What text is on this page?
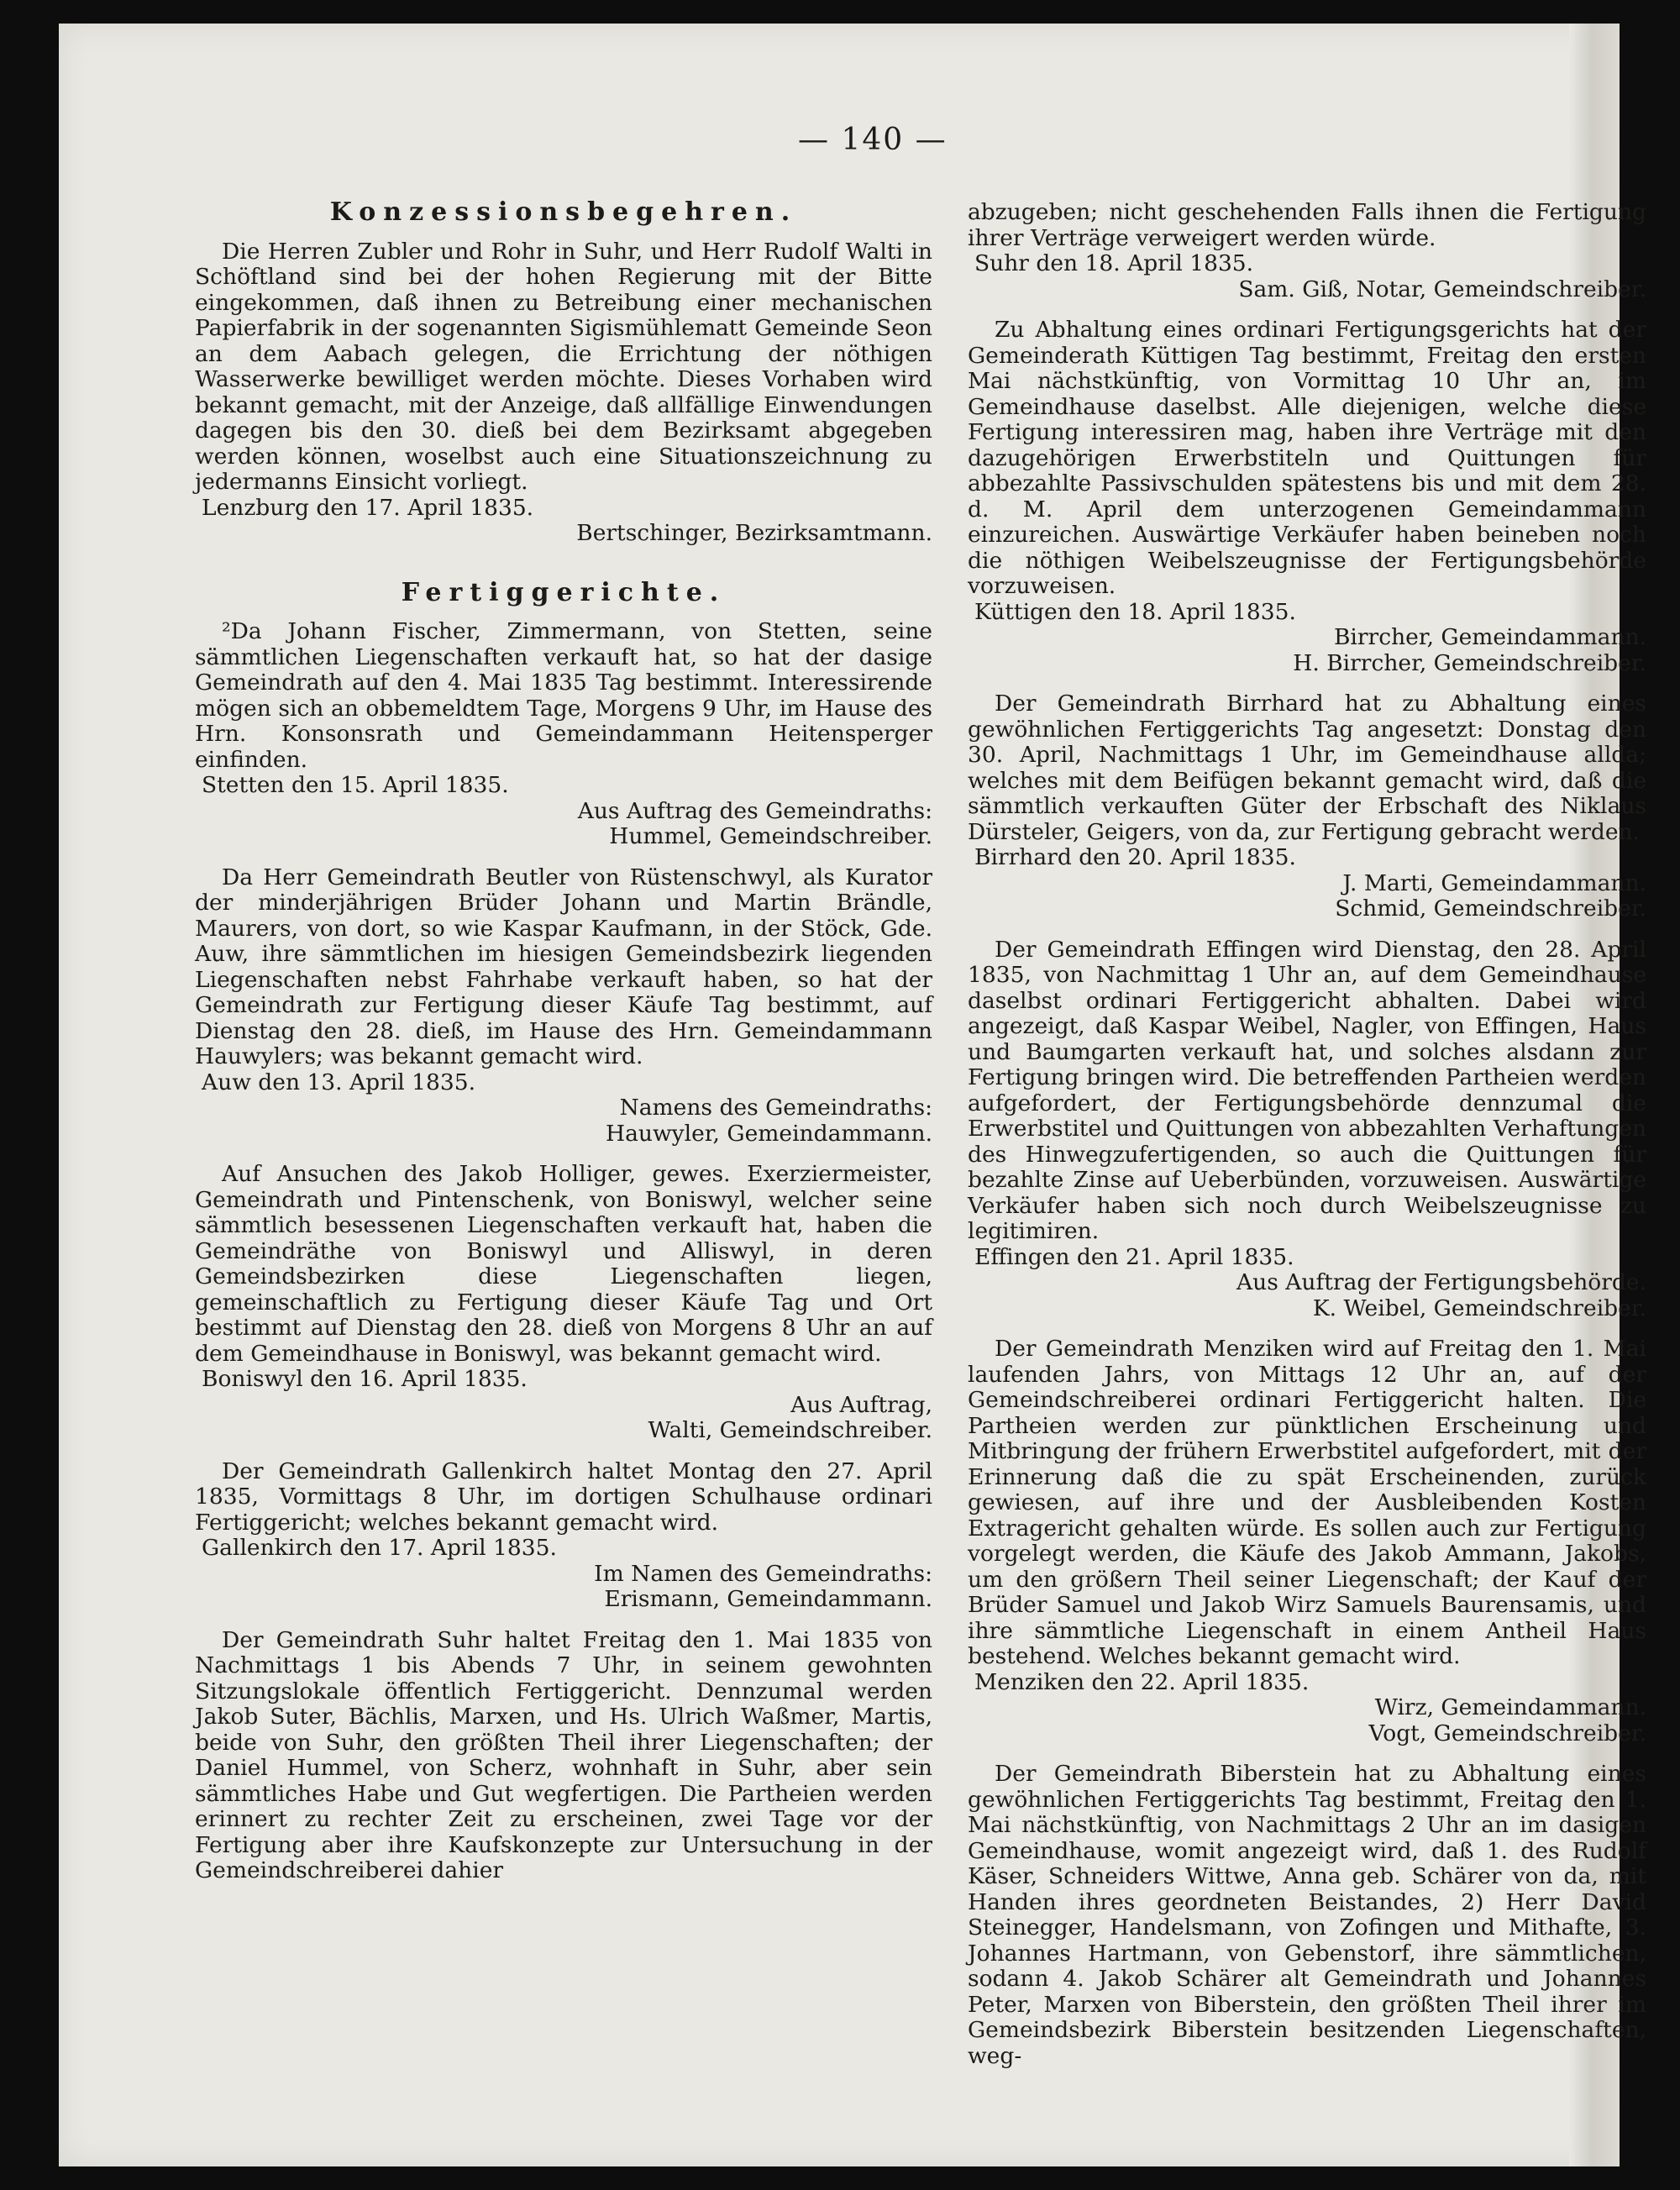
— 140 —
Konzessionsbegehren.

Die Herren Zubler und Rohr in Suhr, und Herr Rudolf Walti in Schöftland sind bei der hohen Regierung mit der Bitte eingekommen, daß ihnen zu Betreibung einer mechanischen Papierfabrik in der sogenannten Sigismühlematt Gemeinde Seon an dem Aabach gelegen, die Errichtung der nöthigen Wasserwerke bewilliget werden möchte. Dieses Vorhaben wird bekannt gemacht, mit der Anzeige, daß allfällige Einwendungen dagegen bis den 30. dieß bei dem Bezirksamt abgegeben werden können, woselbst auch eine Situationszeichnung zu jedermanns Einsicht vorliegt.

Lenzburg den 17. April 1835.

Bertschinger, Bezirksamtmann.

Fertiggerichte.

²Da Johann Fischer, Zimmermann, von Stetten, seine sämmtlichen Liegenschaften verkauft hat, so hat der dasige Gemeindrath auf den 4. Mai 1835 Tag bestimmt. Interessirende mögen sich an obbemeldtem Tage, Morgens 9 Uhr, im Hause des Hrn. Konsonsrath und Gemeindammann Heitensperger einfinden.

Stetten den 15. April 1835.

Aus Auftrag des Gemeindraths:

Hummel, Gemeindschreiber.

Da Herr Gemeindrath Beutler von Rüstenschwyl, als Kurator der minderjährigen Brüder Johann und Martin Brändle, Maurers, von dort, so wie Kaspar Kaufmann, in der Stöck, Gde. Auw, ihre sämmtlichen im hiesigen Gemeindsbezirk liegenden Liegenschaften nebst Fahrhabe verkauft haben, so hat der Gemeindrath zur Fertigung dieser Käufe Tag bestimmt, auf Dienstag den 28. dieß, im Hause des Hrn. Gemeindammann Hauwylers; was bekannt gemacht wird.

Auw den 13. April 1835.

Namens des Gemeindraths:

Hauwyler, Gemeindammann.

Auf Ansuchen des Jakob Holliger, gewes. Exerziermeister, Gemeindrath und Pintenschenk, von Boniswyl, welcher seine sämmtlich besessenen Liegenschaften verkauft hat, haben die Gemeindräthe von Boniswyl und Alliswyl, in deren Gemeindsbezirken diese Liegenschaften liegen, gemeinschaftlich zu Fertigung dieser Käufe Tag und Ort bestimmt auf Dienstag den 28. dieß von Morgens 8 Uhr an auf dem Gemeindhause in Boniswyl, was bekannt gemacht wird.

Boniswyl den 16. April 1835.

Aus Auftrag,

Walti, Gemeindschreiber.

Der Gemeindrath Gallenkirch haltet Montag den 27. April 1835, Vormittags 8 Uhr, im dortigen Schulhause ordinari Fertiggericht; welches bekannt gemacht wird.

Gallenkirch den 17. April 1835.

Im Namen des Gemeindraths:

Erismann, Gemeindammann.

Der Gemeindrath Suhr haltet Freitag den 1. Mai 1835 von Nachmittags 1 bis Abends 7 Uhr, in seinem gewohnten Sitzungslokale öffentlich Fertiggericht. Dennzumal werden Jakob Suter, Bächlis, Marxen, und Hs. Ulrich Waßmer, Martis, beide von Suhr, den größten Theil ihrer Liegenschaften; der Daniel Hummel, von Scherz, wohnhaft in Suhr, aber sein sämmtliches Habe und Gut wegfertigen. Die Partheien werden erinnert zu rechter Zeit zu erscheinen, zwei Tage vor der Fertigung aber ihre Kaufskonzepte zur Untersuchung in der Gemeindschreiberei dahier

abzugeben; nicht geschehenden Falls ihnen die Fertigung ihrer Verträge verweigert werden würde.

Suhr den 18. April 1835.

Sam. Giß, Notar, Gemeindschreiber.

Zu Abhaltung eines ordinari Fertigungsgerichts hat der Gemeinderath Küttigen Tag bestimmt, Freitag den ersten Mai nächstkünftig, von Vormittag 10 Uhr an, im Gemeindhause daselbst. Alle diejenigen, welche diese Fertigung interessiren mag, haben ihre Verträge mit den dazugehörigen Erwerbstiteln und Quittungen für abbezahlte Passivschulden spätestens bis und mit dem 28. d. M. April dem unterzogenen Gemeindammann einzureichen. Auswärtige Verkäufer haben beineben noch die nöthigen Weibelszeugnisse der Fertigungsbehörde vorzuweisen.

Küttigen den 18. April 1835.

Birrcher, Gemeindammann.

H. Birrcher, Gemeindschreiber.

Der Gemeindrath Birrhard hat zu Abhaltung eines gewöhnlichen Fertiggerichts Tag angesetzt: Donstag den 30. April, Nachmittags 1 Uhr, im Gemeindhause allda; welches mit dem Beifügen bekannt gemacht wird, daß die sämmtlich verkauften Güter der Erbschaft des Niklaus Dürsteler, Geigers, von da, zur Fertigung gebracht werden.

Birrhard den 20. April 1835.

J. Marti, Gemeindammann.

Schmid, Gemeindschreiber.

Der Gemeindrath Effingen wird Dienstag, den 28. April 1835, von Nachmittag 1 Uhr an, auf dem Gemeindhause daselbst ordinari Fertiggericht abhalten. Dabei wird angezeigt, daß Kaspar Weibel, Nagler, von Effingen, Haus und Baumgarten verkauft hat, und solches alsdann zur Fertigung bringen wird. Die betreffenden Partheien werden aufgefordert, der Fertigungsbehörde dennzumal die Erwerbstitel und Quittungen von abbezahlten Verhaftungen des Hinwegzufertigenden, so auch die Quittungen für bezahlte Zinse auf Ueberbünden, vorzuweisen. Auswärtige Verkäufer haben sich noch durch Weibelszeugnisse zu legitimiren.

Effingen den 21. April 1835.

Aus Auftrag der Fertigungsbehörde.

K. Weibel, Gemeindschreiber.

Der Gemeindrath Menziken wird auf Freitag den 1. Mai laufenden Jahrs, von Mittags 12 Uhr an, auf der Gemeindschreiberei ordinari Fertiggericht halten. Die Partheien werden zur pünktlichen Erscheinung und Mitbringung der frühern Erwerbstitel aufgefordert, mit der Erinnerung daß die zu spät Erscheinenden, zurück gewiesen, auf ihre und der Ausbleibenden Kosten Extragericht gehalten würde. Es sollen auch zur Fertigung vorgelegt werden, die Käufe des Jakob Ammann, Jakobs, um den größern Theil seiner Liegenschaft; der Kauf der Brüder Samuel und Jakob Wirz Samuels Baurensamis, und ihre sämmtliche Liegenschaft in einem Antheil Haus bestehend. Welches bekannt gemacht wird.

Menziken den 22. April 1835.

Wirz, Gemeindammann.

Vogt, Gemeindschreiber.

Der Gemeindrath Biberstein hat zu Abhaltung eines gewöhnlichen Fertiggerichts Tag bestimmt, Freitag den 1. Mai nächstkünftig, von Nachmittags 2 Uhr an im dasigen Gemeindhause, womit angezeigt wird, daß 1. des Rudolf Käser, Schneiders Wittwe, Anna geb. Schärer von da, mit Handen ihres geordneten Beistandes, 2) Herr David Steinegger, Handelsmann, von Zofingen und Mithafte, 3. Johannes Hartmann, von Gebenstorf, ihre sämmtlichen, sodann 4. Jakob Schärer alt Gemeindrath und Johannes Peter, Marxen von Biberstein, den größten Theil ihrer im Gemeindsbezirk Biberstein besitzenden Liegenschaften, weg-
